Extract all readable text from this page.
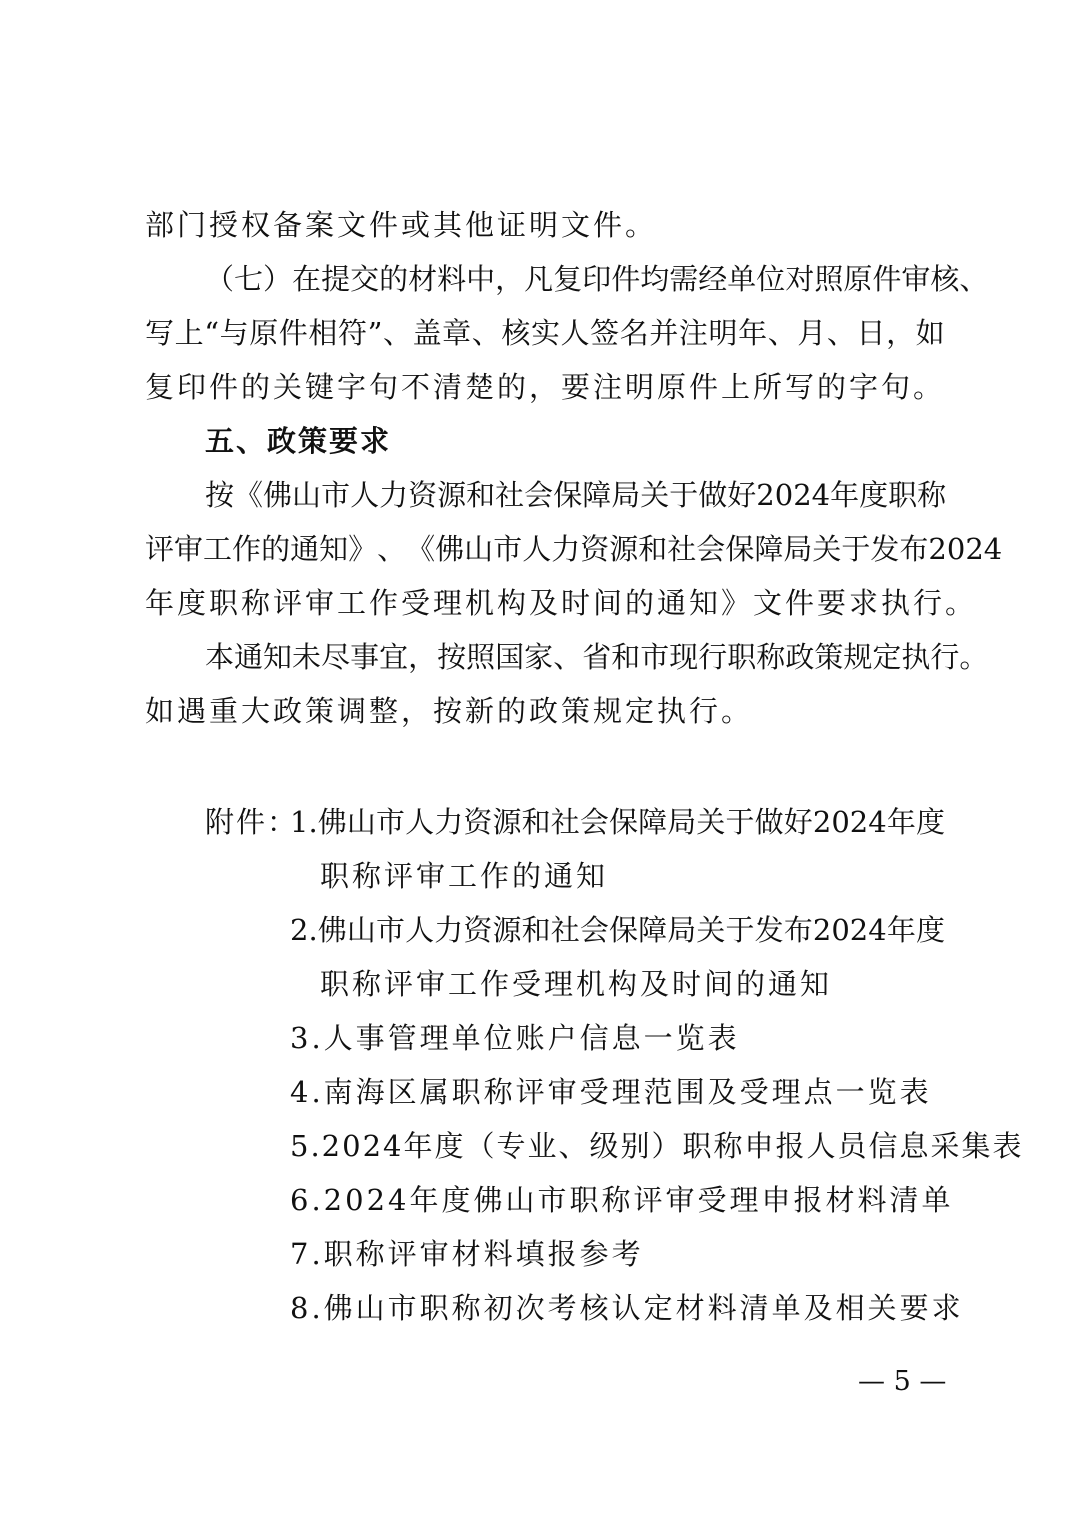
部门授权备案文件或其他证明文件。

（ 七 ） 在 提 交 的 材 料 中 ， 凡 复 印 件 均 需 经 单 位 对 照 原 件 审 核 、

写 上 “ 与 原 件 相 符 ” 、 盖 章 、 核 实 人 签 名 并 注 明 年 、 月 、 日 ， 如

复印件的关键字句不清楚的，要注明原件上所写的字句。

五、政策要求

按 《 佛 山 市 人 力 资 源 和 社 会 保 障 局 关 于 做 好 2024 年 度 职 称

评 审 工 作 的 通 知 》 、 《 佛 山 市 人 力 资 源 和 社 会 保 障 局 关 于 发 布 2024

年度职称评审工作受理机构及时间的通知》文件要求执行。

本 通 知 未 尽 事 宜 ， 按 照 国 家 、 省 和 市 现 行 职 称 政 策 规 定 执 行 。

如遇重大政策调整，按新的政策规定执行。

附件：

1. 佛 山 市 人 力 资 源 和 社 会 保 障 局 关 于 做 好 2024 年 度

职称评审工作的通知

2. 佛 山 市 人 力 资 源 和 社 会 保 障 局 关 于 发 布 2024 年 度

职称评审工作受理机构及时间的通知

3.人事管理单位账户信息一览表

4.南海区属职称评审受理范围及受理点一览表

5.2024年度（专业、级别）职称申报人员信息采集表

6.2024年度佛山市职称评审受理申报材料清单

7.职称评审材料填报参考

8.佛山市职称初次考核认定材料清单及相关要求

— 5 —
